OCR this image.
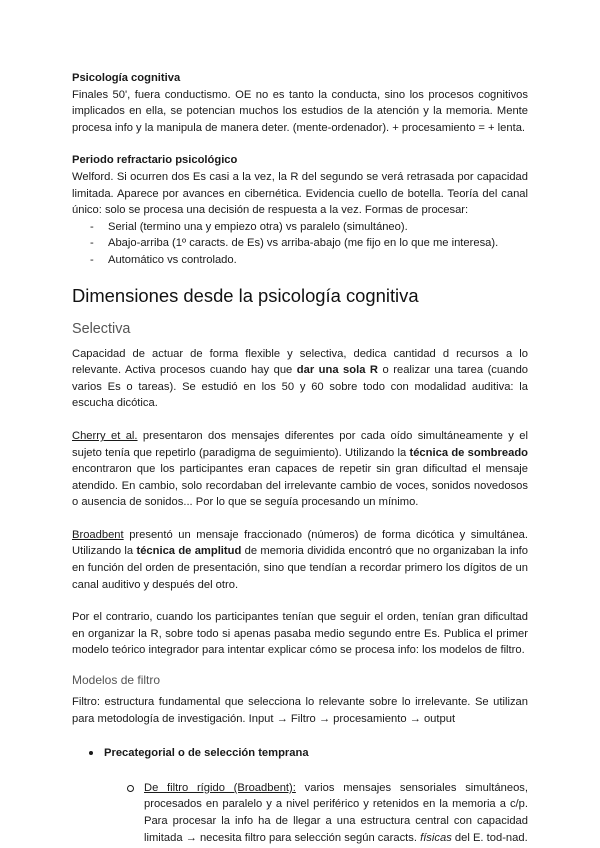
Psicología cognitiva

Finales 50', fuera conductismo. OE no es tanto la conducta, sino los procesos cognitivos implicados en ella, se potencian muchos los estudios de la atención y la memoria. Mente procesa info y la manipula de manera deter. (mente-ordenador). + procesamiento = + lenta.

Periodo refractario psicológico

Welford. Si ocurren dos Es casi a la vez, la R del segundo se verá retrasada por capacidad limitada. Aparece por avances en cibernética. Evidencia cuello de botella. Teoría del canal único: solo se procesa una decisión de respuesta a la vez. Formas de procesar:

- Serial (termino una y empiezo otra) vs paralelo (simultáneo).
- Abajo-arriba (1º caracts. de Es) vs arriba-abajo (me fijo en lo que me interesa).
- Automático vs controlado.
Dimensiones desde la psicología cognitiva
Selectiva

Capacidad de actuar de forma flexible y selectiva, dedica cantidad d recursos a lo relevante. Activa procesos cuando hay que dar una sola R o realizar una tarea (cuando varios Es o tareas). Se estudió en los 50 y 60 sobre todo con modalidad auditiva: la escucha dicótica.

Cherry et al. presentaron dos mensajes diferentes por cada oído simultáneamente y el sujeto tenía que repetirlo (paradigma de seguimiento). Utilizando la técnica de sombreado encontraron que los participantes eran capaces de repetir sin gran dificultad el mensaje atendido. En cambio, solo recordaban del irrelevante cambio de voces, sonidos novedosos o ausencia de sonidos... Por lo que se seguía procesando un mínimo.

Broadbent presentó un mensaje fraccionado (números) de forma dicótica y simultánea. Utilizando la técnica de amplitud de memoria dividida encontró que no organizaban la info en función del orden de presentación, sino que tendían a recordar primero los dígitos de un canal auditivo y después del otro.

Por el contrario, cuando los participantes tenían que seguir el orden, tenían gran dificultad en organizar la R, sobre todo si apenas pasaba medio segundo entre Es. Publica el primer modelo teórico integrador para intentar explicar cómo se procesa info: los modelos de filtro.

Modelos de filtro

Filtro: estructura fundamental que selecciona lo relevante sobre lo irrelevante. Se utilizan para metodología de investigación. Input → Filtro → procesamiento → output

Precategorial o de selección temprana

De filtro rígido (Broadbent): varios mensajes sensoriales simultáneos, procesados en paralelo y a nivel periférico y retenidos en la memoria a c/p. Para procesar la info ha de llegar a una estructura central con capacidad limitada → necesita filtro para selección según caracts. físicas del E. tod-nad.
